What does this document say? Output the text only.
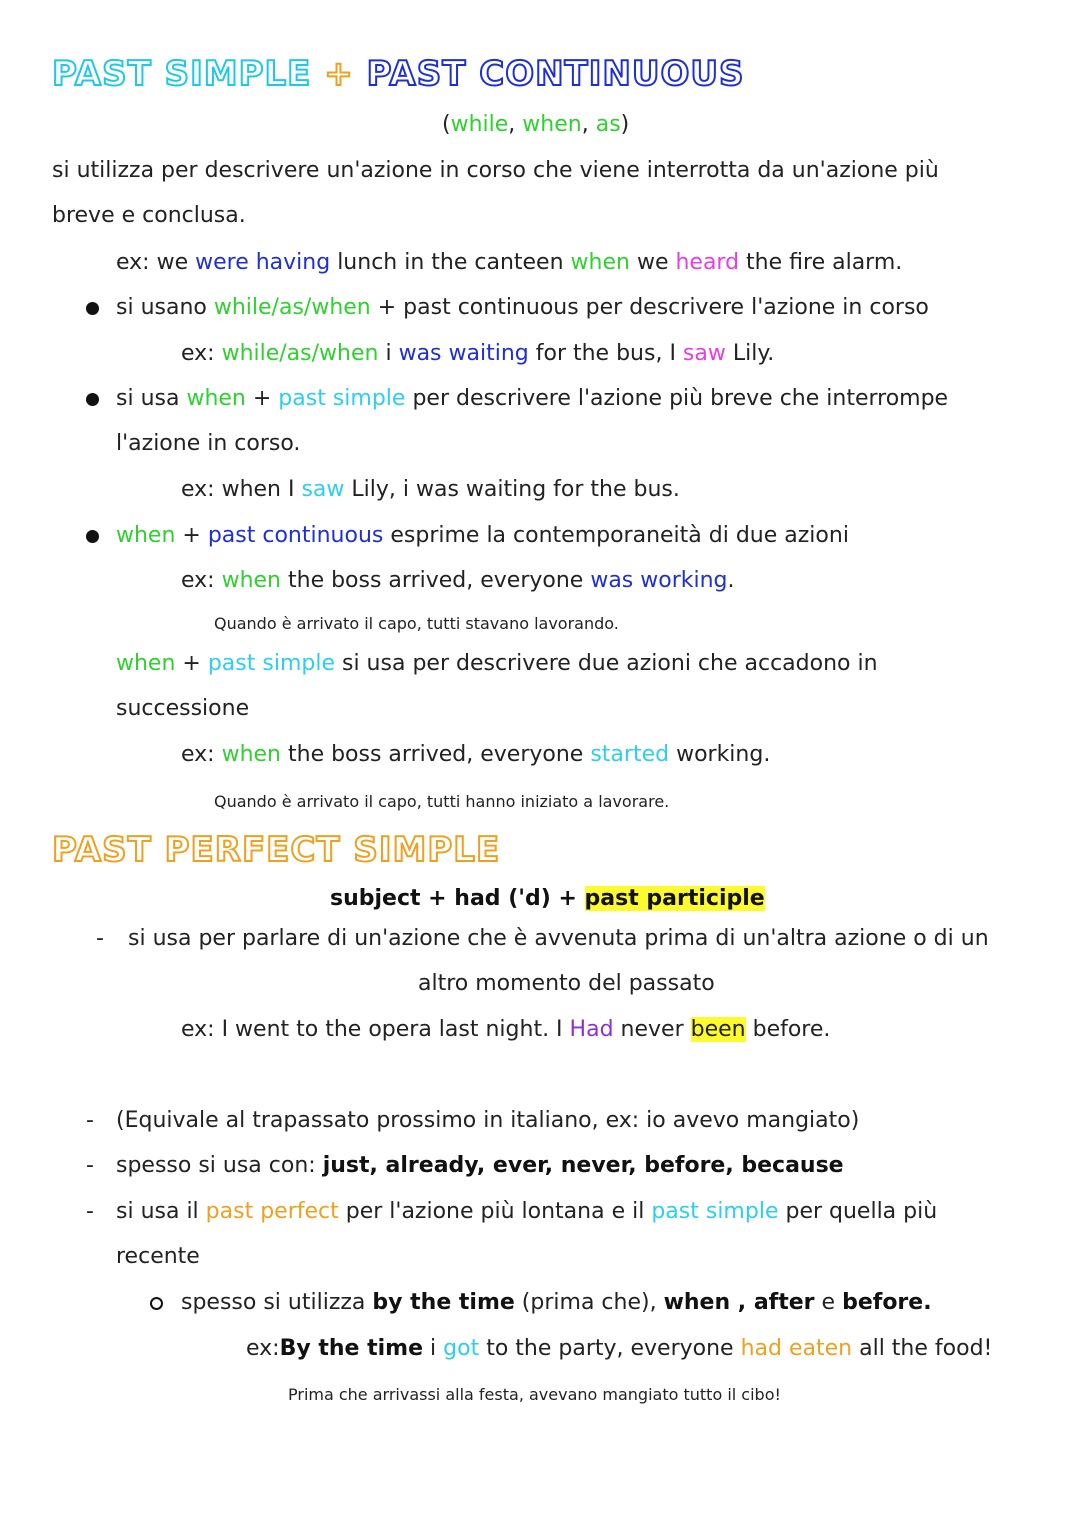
PAST SIMPLE + PAST CONTINUOUS
(while, when, as)
si utilizza per descrivere un'azione in corso che viene interrotta da un'azione più
breve e conclusa.
ex: we were having lunch in the canteen when we heard the fire alarm.
si usano while/as/when + past continuous per descrivere l'azione in corso
ex: while/as/when i was waiting for the bus, I saw Lily.
si usa when + past simple per descrivere l'azione più breve che interrompe
l'azione in corso.
ex: when I saw Lily, i was waiting for the bus.
when + past continuous esprime la contemporaneità di due azioni
ex: when the boss arrived, everyone was working.
Quando è arrivato il capo, tutti stavano lavorando.
when + past simple si usa per descrivere due azioni che accadono in
successione
ex: when the boss arrived, everyone started working.
Quando è arrivato il capo, tutti hanno iniziato a lavorare.
PAST PERFECT SIMPLE
subject + had ('d) + past participle
- si usa per parlare di un'azione che è avvenuta prima di un'altra azione o di un
altro momento del passato
ex: I went to the opera last night. I Had never been before.
- (Equivale al trapassato prossimo in italiano, ex: io avevo mangiato)
- spesso si usa con: just, already, ever, never, before, because
- si usa il past perfect per l'azione più lontana e il past simple per quella più
recente
spesso si utilizza by the time (prima che), when , after e before.
ex:By the time i got to the party, everyone had eaten all the food!
Prima che arrivassi alla festa, avevano mangiato tutto il cibo!
